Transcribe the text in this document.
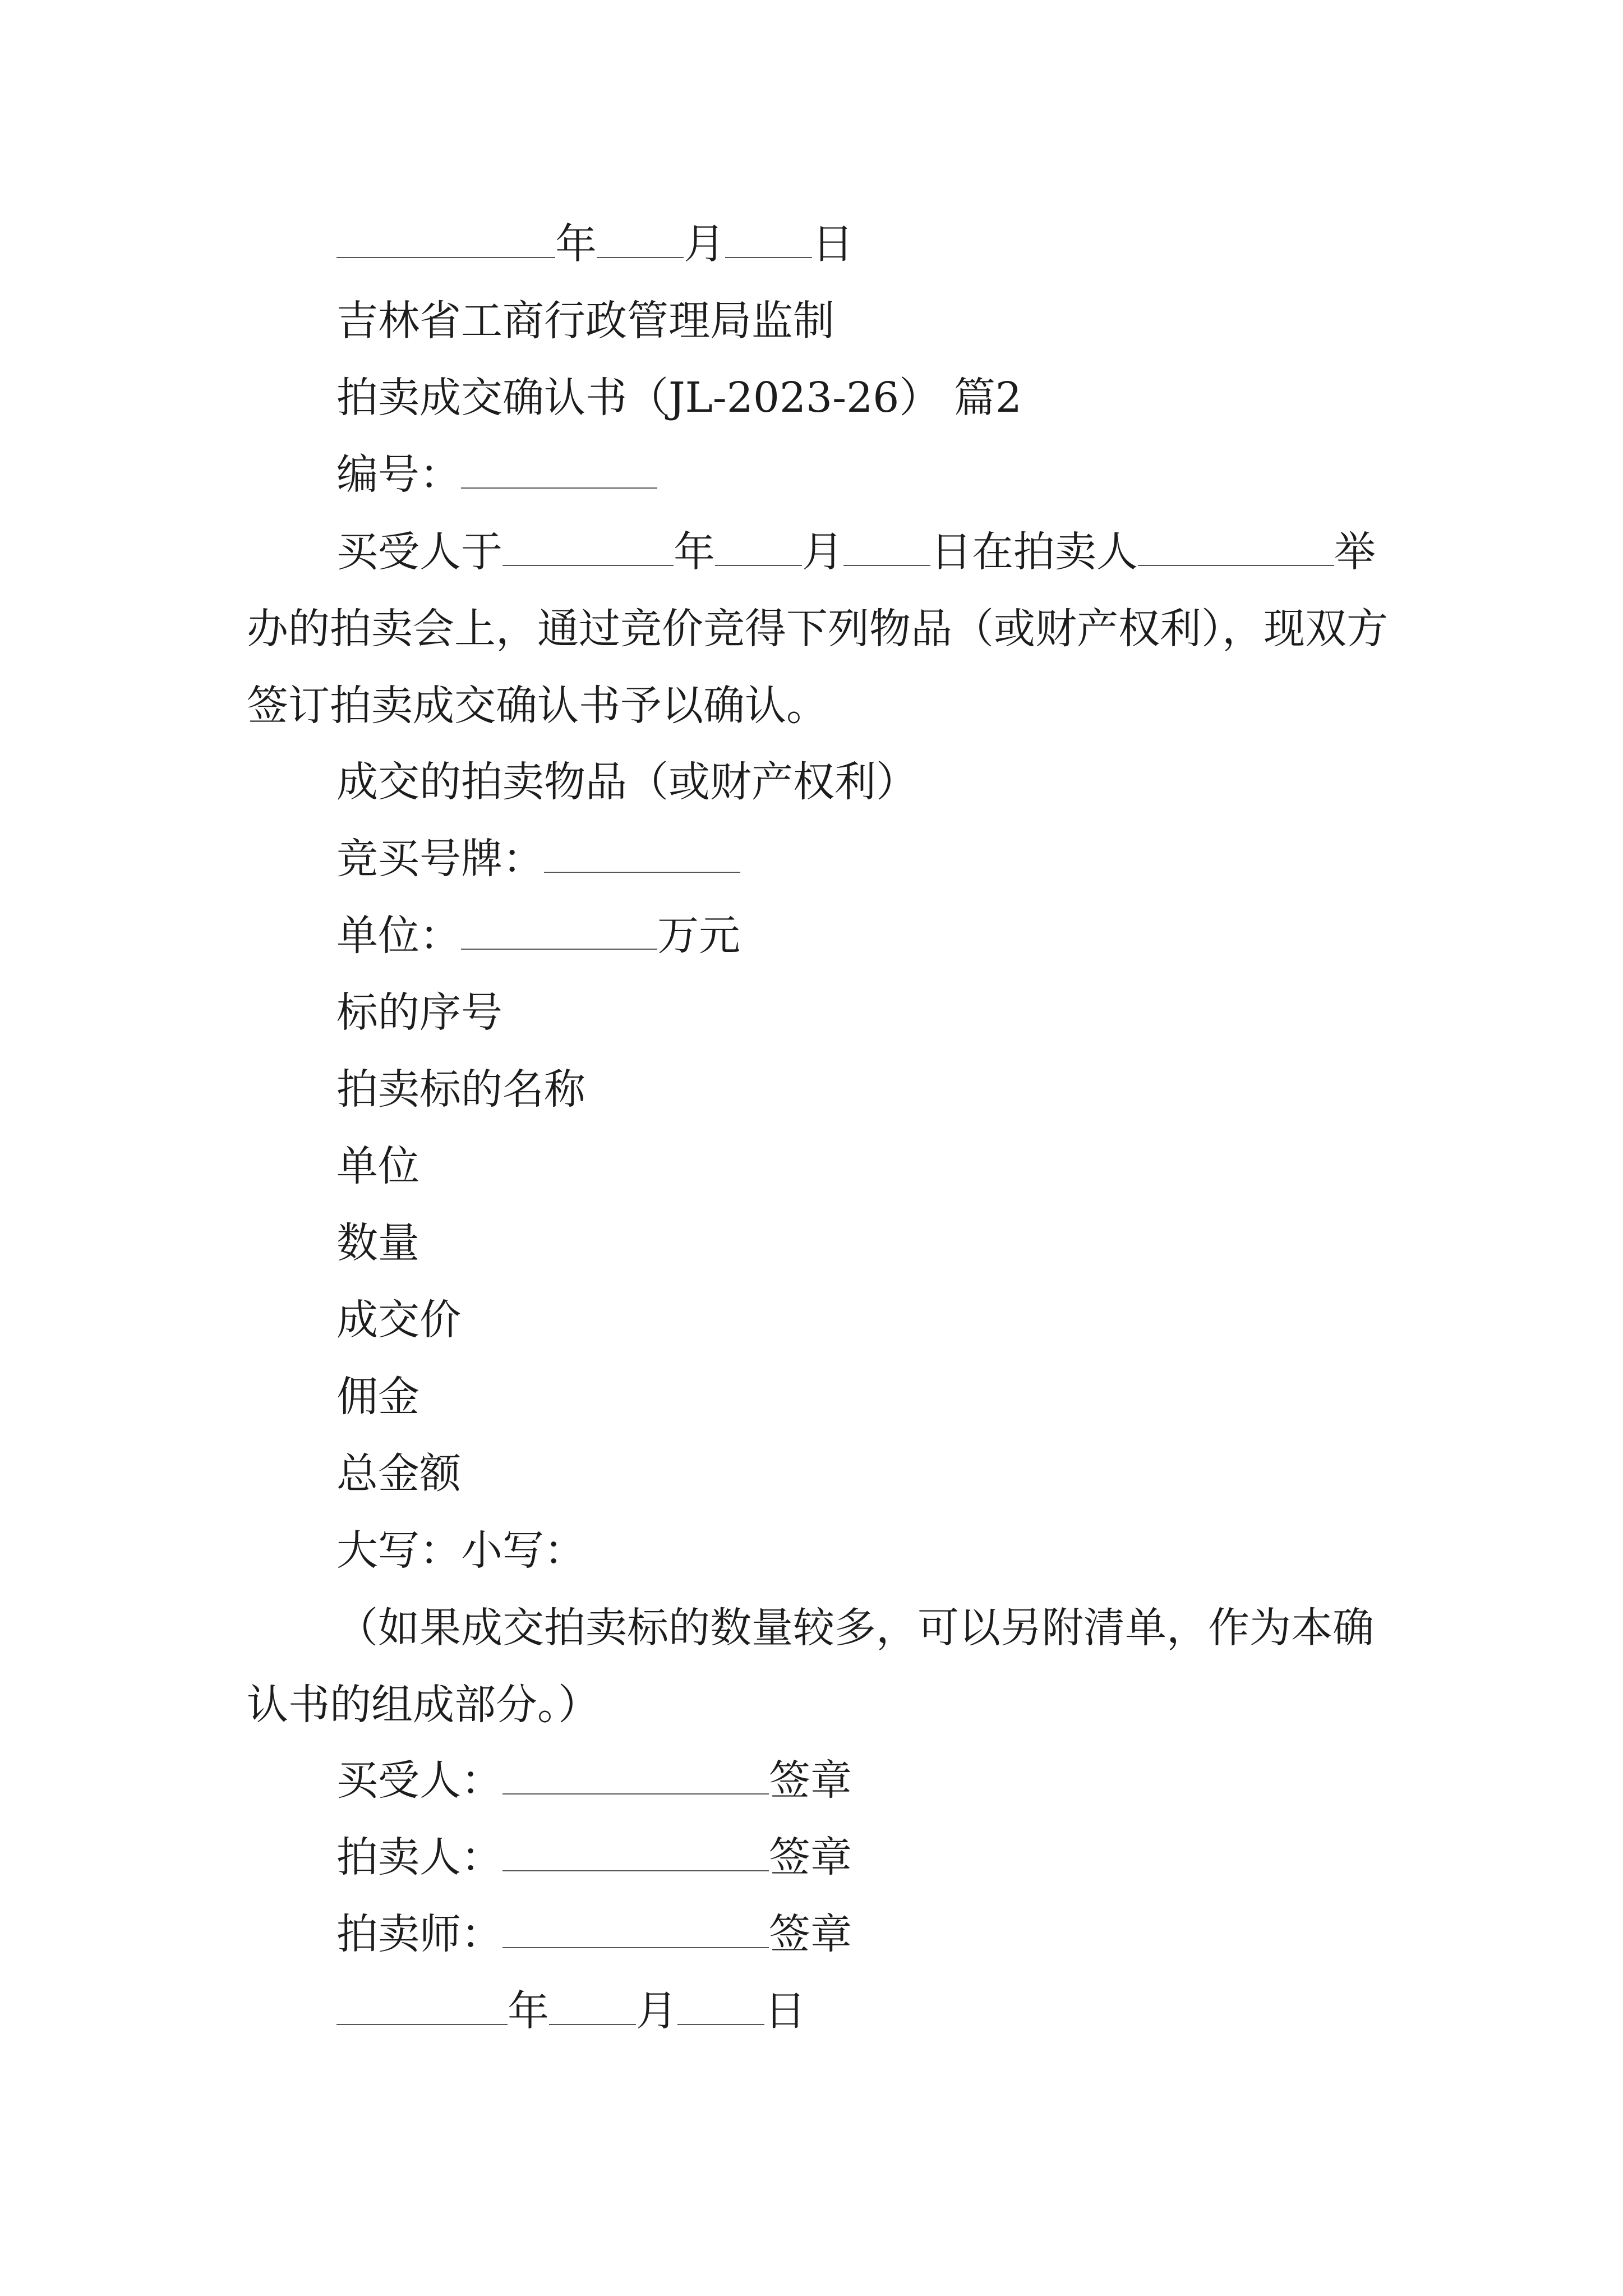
年 月 日
吉林省工商行政管理局监制
拍卖成交确认书（JL-2023-26） 篇2
编号：
买受人于	年 月 日在拍卖人	举办的拍卖会上，通过竞价竞得下列物品（或财产权利），现双方签订拍卖成交确认书予以确认。
成交的拍卖物品（或财产权利）
竞买号牌：
单位：	万元
标的序号
拍卖标的名称
单位
数量
成交价
佣金
总金额
大写：小写：
（如果成交拍卖标的数量较多，可以另附清单，作为本确认书的组成部分。）
买受人：	签章
拍卖人：	签章
拍卖师：	签章
年 月 日
